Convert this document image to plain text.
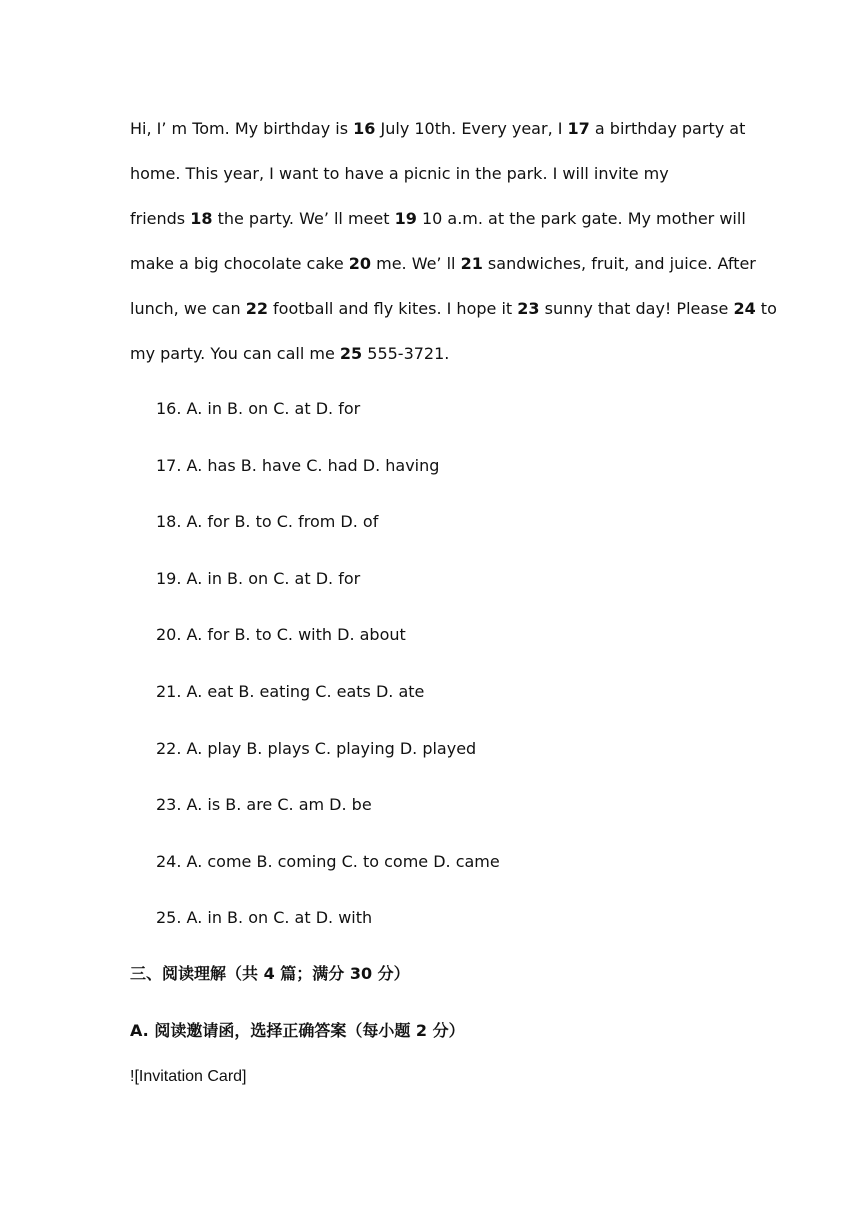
Hi, I’ m Tom. My birthday is 16 July 10th. Every year, I 17 a birthday party at
home. This year, I want to have a picnic in the park. I will invite my
friends 18 the party. We’ ll meet 19 10 a.m. at the park gate. My mother will
make a big chocolate cake 20 me. We’ ll 21 sandwiches, fruit, and juice. After
lunch, we can 22 football and fly kites. I hope it 23 sunny that day! Please 24 to
my party. You can call me 25 555-3721.
16. A. in B. on C. at D. for
17. A. has B. have C. had D. having
18. A. for B. to C. from D. of
19. A. in B. on C. at D. for
20. A. for B. to C. with D. about
21. A. eat B. eating C. eats D. ate
22. A. play B. plays C. playing D. played
23. A. is B. are C. am D. be
24. A. come B. coming C. to come D. came
25. A. in B. on C. at D. with
三、阅读理解（共 4 篇；满分 30 分）
A. 阅读邀请函，选择正确答案（每小题 2 分）
![Invitation Card]
